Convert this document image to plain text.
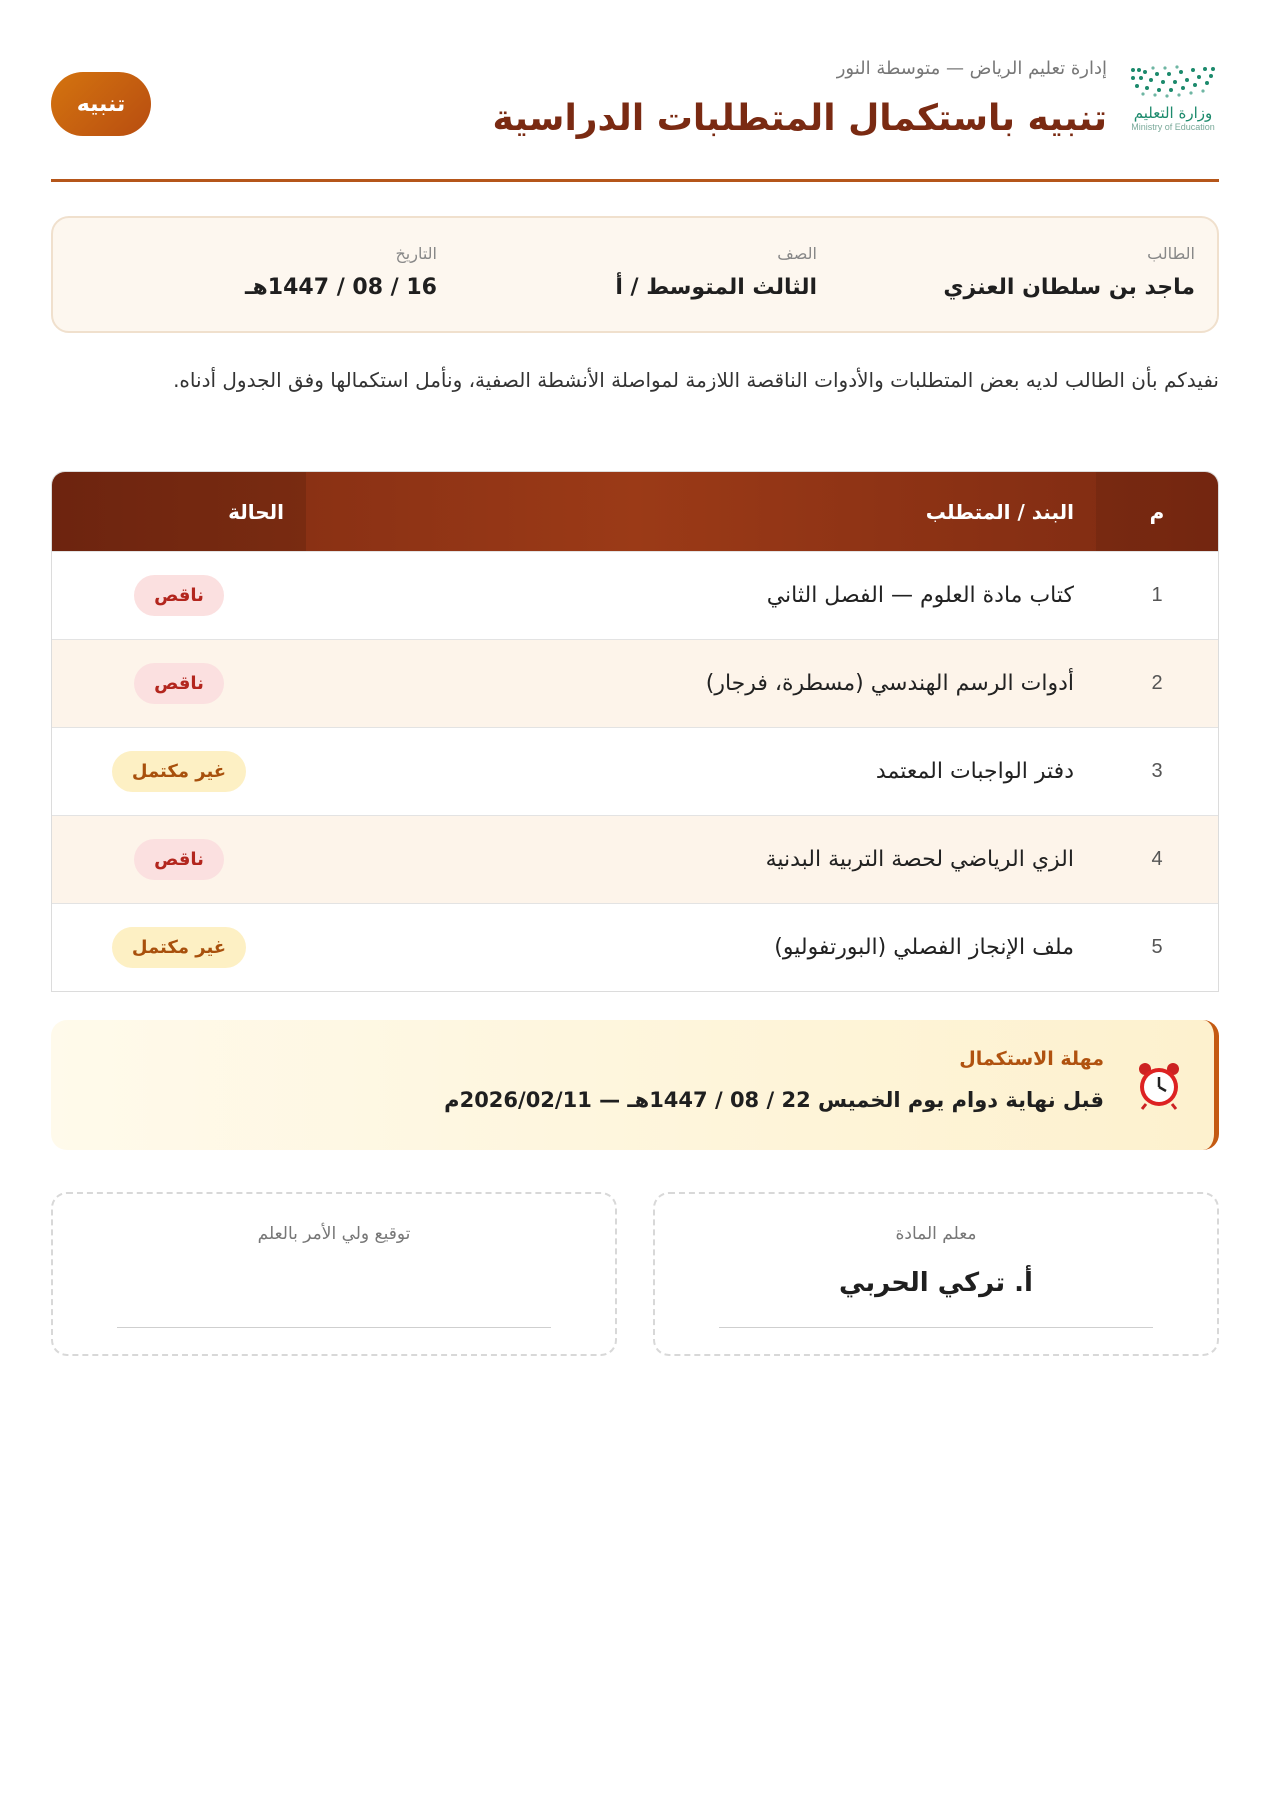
وزارة التعليم
Ministry of Education
إدارة تعليم الرياض — متوسطة النور
تنبيه باستكمال المتطلبات الدراسية
تنبيه
الطالب
ماجد بن سلطان العنزي
الصف
الثالث المتوسط / أ
التاريخ
16 / 08 / 1447هـ

نفيدكم بأن الطالب لديه بعض المتطلبات والأدوات الناقصة اللازمة لمواصلة الأنشطة الصفية، ونأمل استكمالها وفق الجدول أدناه.

م
البند / المتطلب
الحالة
1
كتاب مادة العلوم — الفصل الثاني
ناقص
2
أدوات الرسم الهندسي (مسطرة، فرجار)
ناقص
3
دفتر الواجبات المعتمد
غير مكتمل
4
الزي الرياضي لحصة التربية البدنية
ناقص
5
ملف الإنجاز الفصلي (البورتفوليو)
غير مكتمل
مهلة الاستكمال
قبل نهاية دوام يوم الخميس 22 / 08 / 1447هـ — 2026/02/11م
معلم المادة
أ. تركي الحربي
توقيع ولي الأمر بالعلم
